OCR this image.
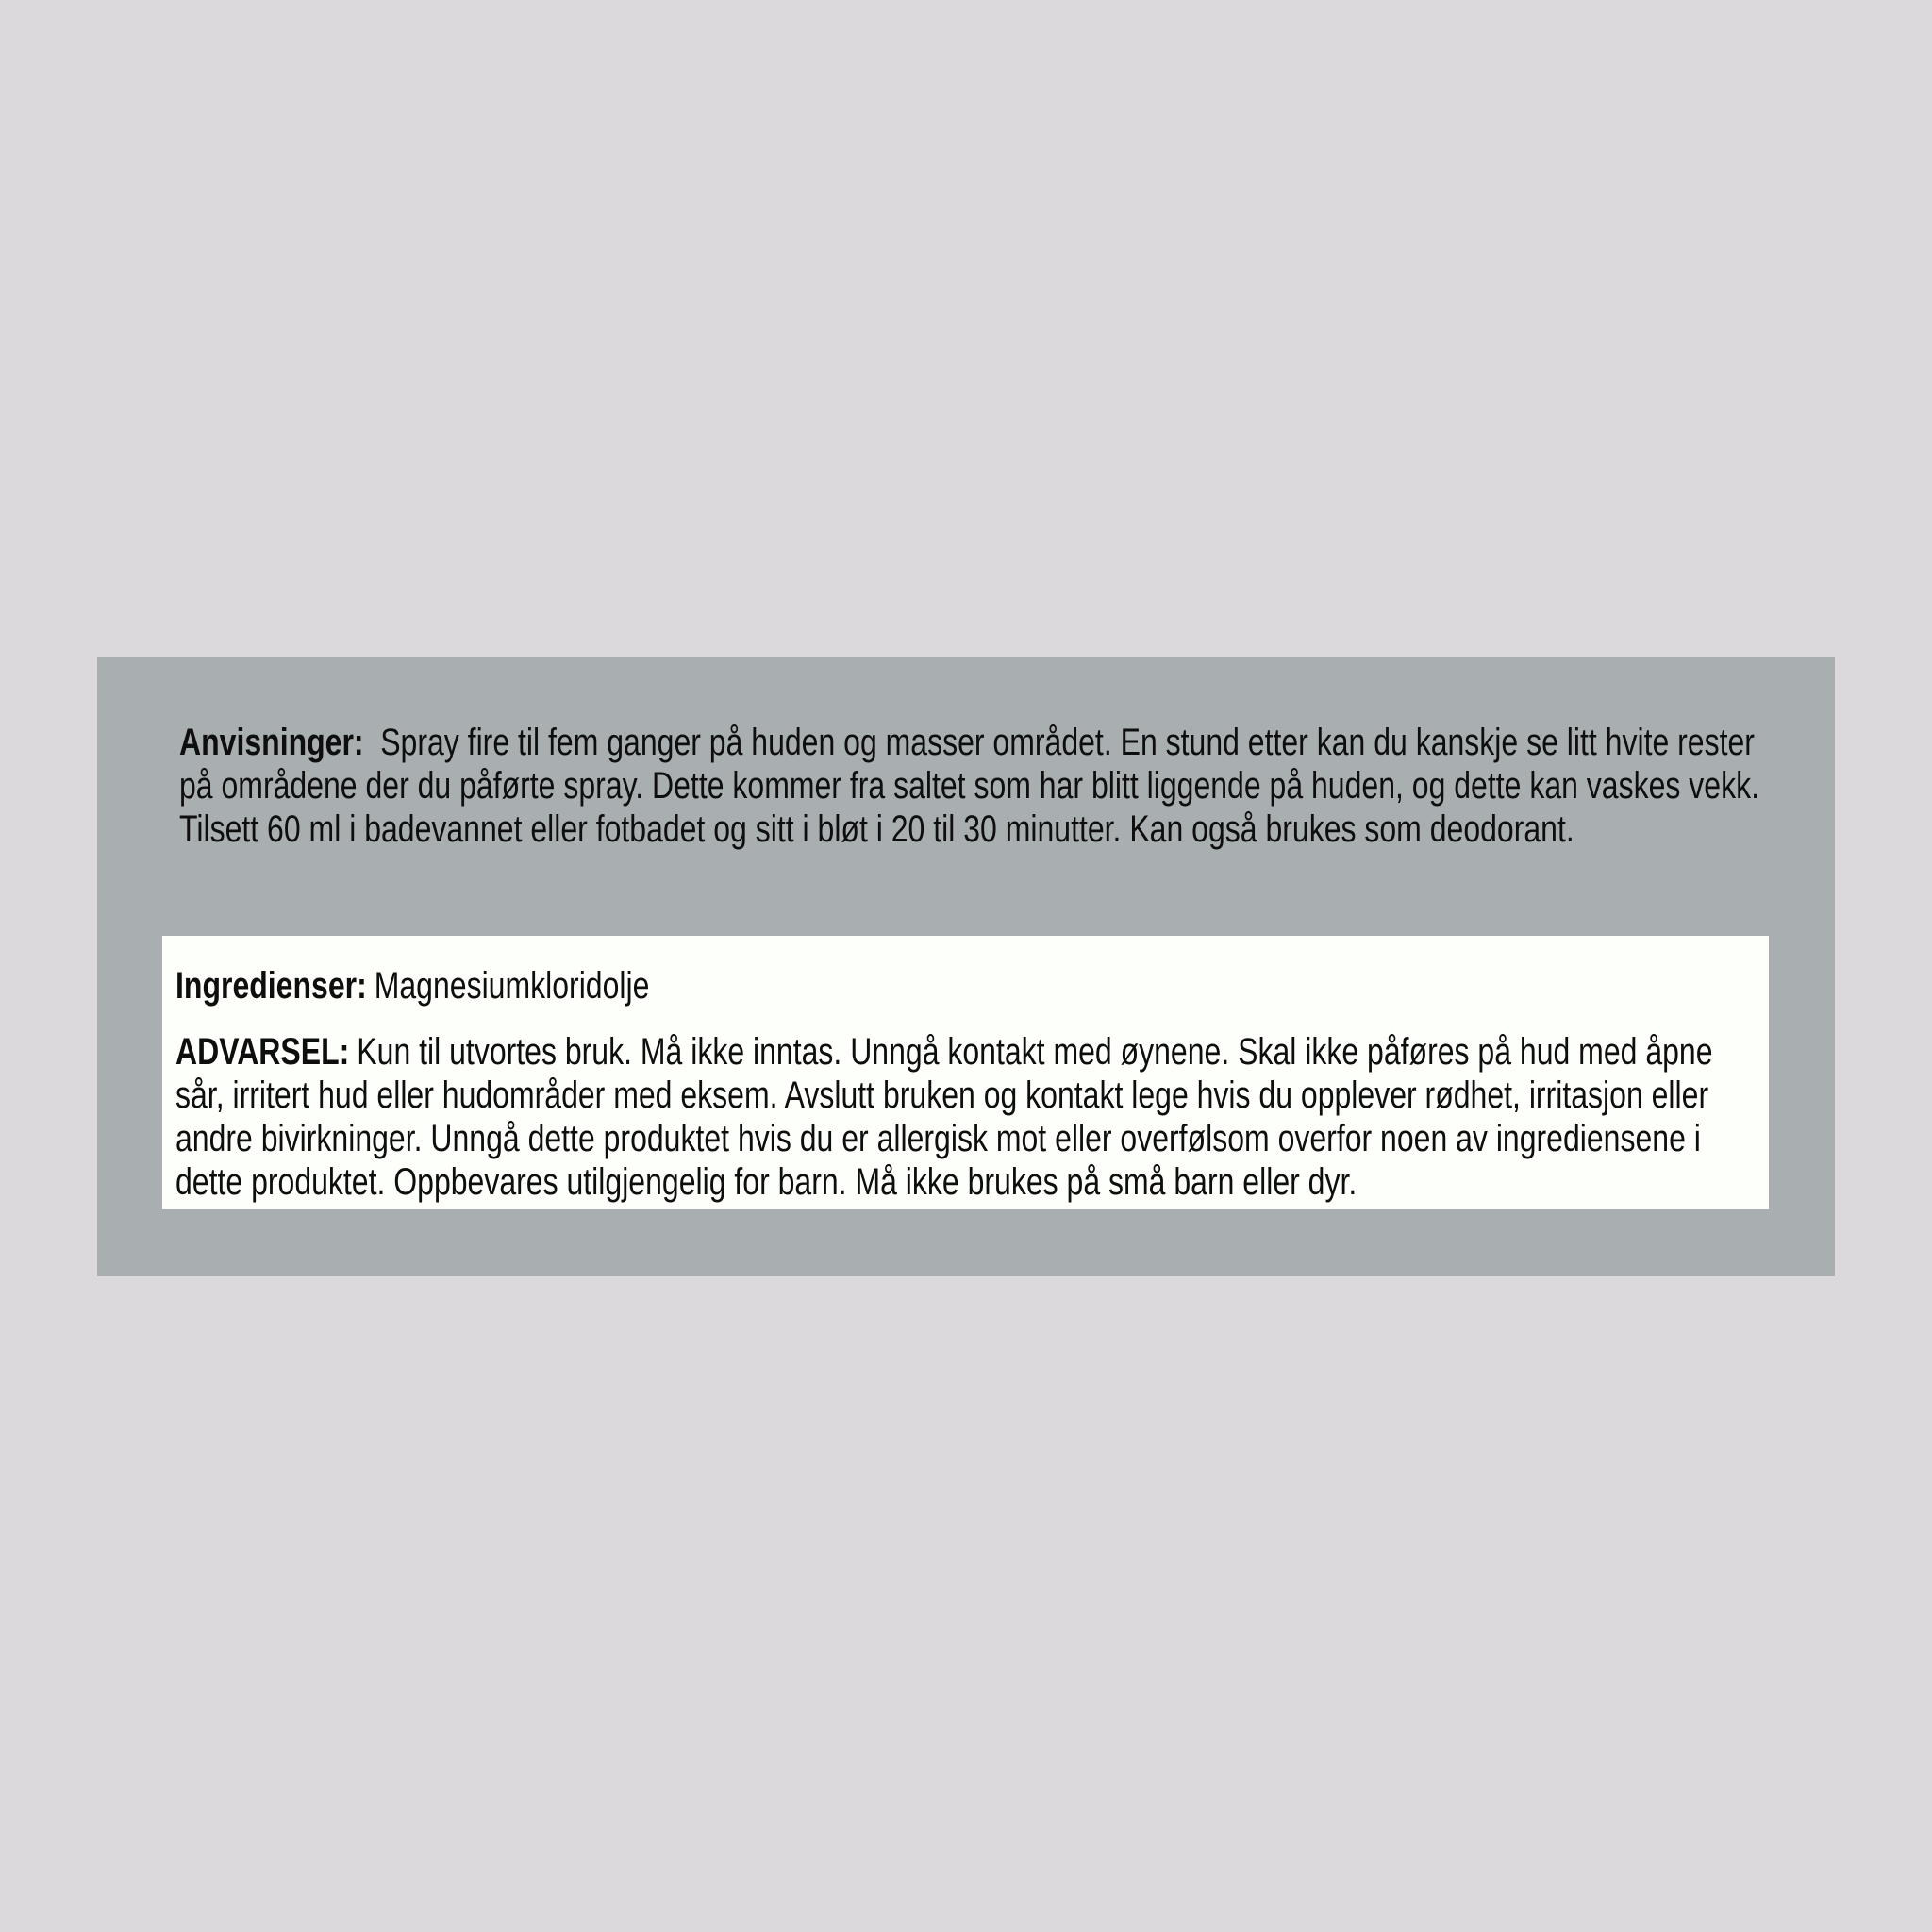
Anvisninger: Spray fire til fem ganger på huden og masser området. En stund etter kan du kanskje se litt hvite rester på områdene der du påførte spray. Dette kommer fra saltet som har blitt liggende på huden, og dette kan vaskes vekk. Tilsett 60 ml i badevannet eller fotbadet og sitt i bløt i 20 til 30 minutter. Kan også brukes som deodorant.

Ingredienser: Magnesiumkloridolje

ADVARSEL: Kun til utvortes bruk. Må ikke inntas. Unngå kontakt med øynene. Skal ikke påføres på hud med åpne sår, irritert hud eller hudområder med eksem. Avslutt bruken og kontakt lege hvis du opplever rødhet, irritasjon eller andre bivirkninger. Unngå dette produktet hvis du er allergisk mot eller overfølsom overfor noen av ingrediensene i dette produktet. Oppbevares utilgjengelig for barn. Må ikke brukes på små barn eller dyr.
